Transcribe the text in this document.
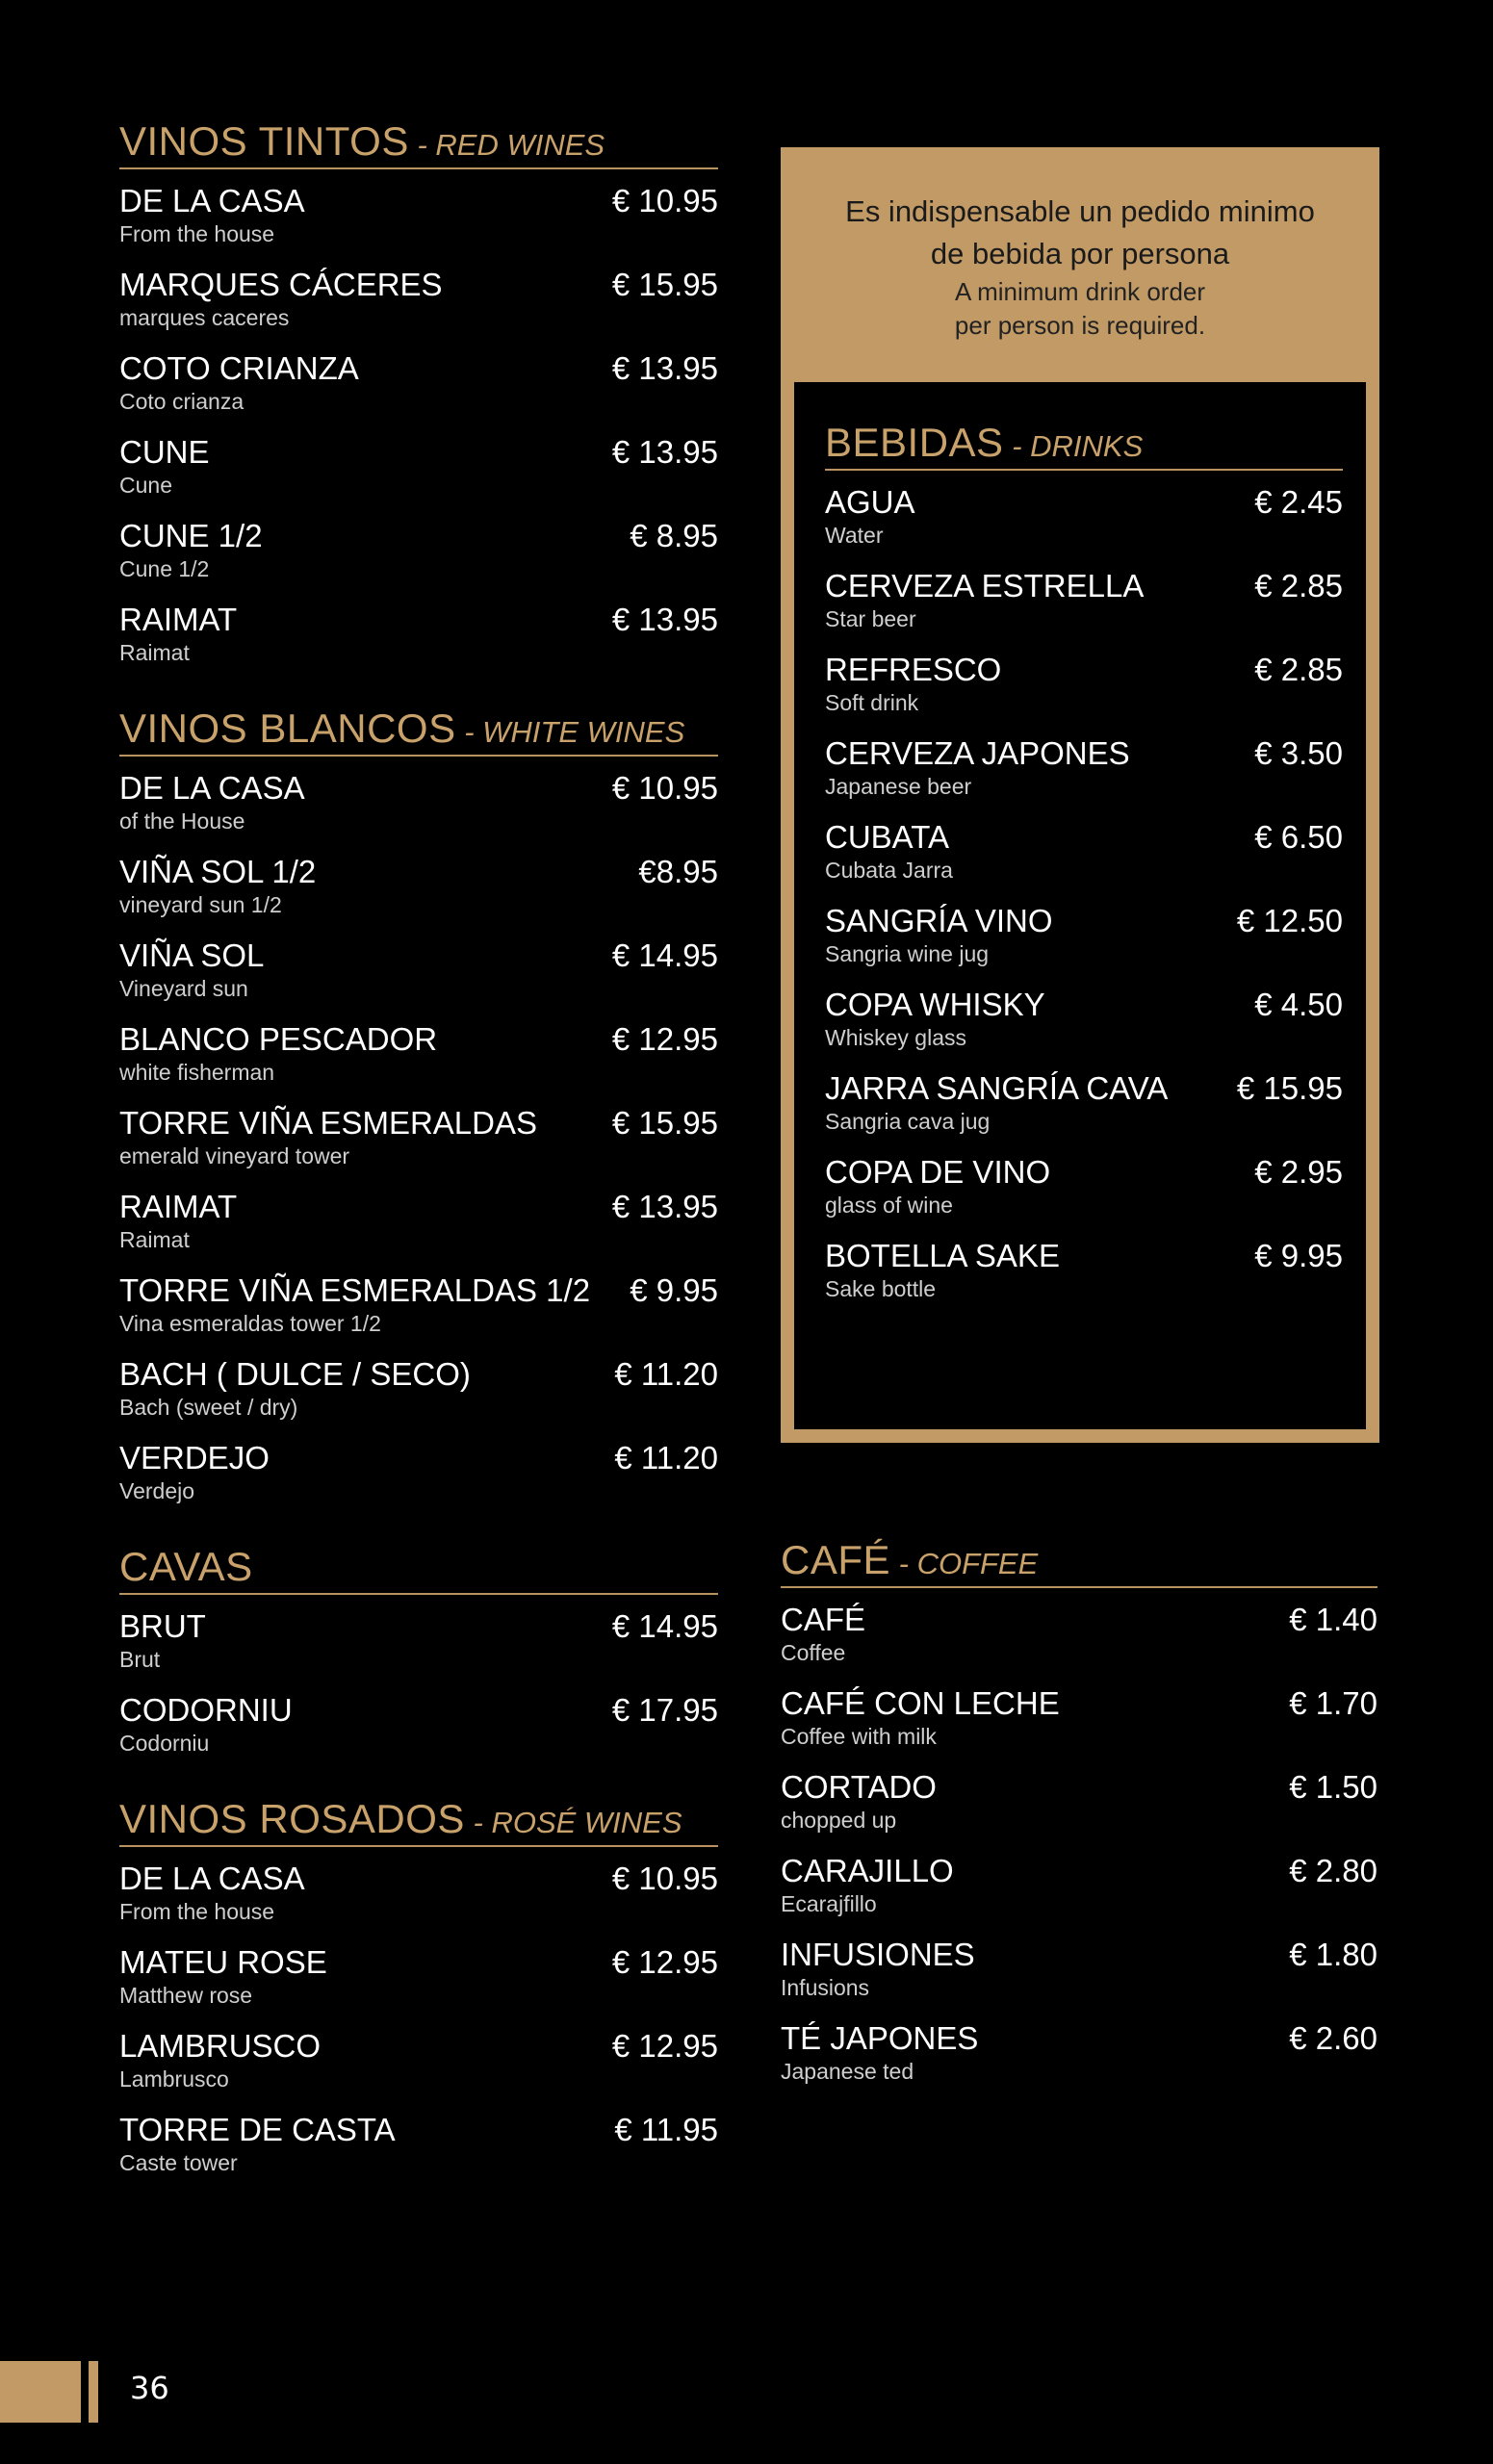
VINOS TINTOS - RED WINES
DE LA CASA	€ 10.95
From the house
MARQUES CÁCERES	€ 15.95
marques caceres
COTO CRIANZA	€ 13.95
Coto crianza
CUNE	€ 13.95
Cune
CUNE 1/2	€ 8.95
Cune 1/2
RAIMAT	€ 13.95
Raimat
VINOS BLANCOS - WHITE WINES
DE LA CASA	€ 10.95
of the House
VIÑA SOL 1/2	€8.95
vineyard sun 1/2
VIÑA SOL	€ 14.95
Vineyard sun
BLANCO PESCADOR	€ 12.95
white fisherman
TORRE VIÑA ESMERALDAS € 15.95
emerald vineyard tower
RAIMAT	€ 13.95
Raimat
TORRE VIÑA ESMERALDAS 1/2 € 9.95
Vina esmeraldas tower 1/2
BACH ( DULCE / SECO)	€ 11.20
Bach (sweet / dry)
VERDEJO	€ 11.20
Verdejo
CAVAS
BRUT	€ 14.95
Brut
CODORNIU	€ 17.95
Codorniu
VINOS ROSADOS - ROSÉ WINES
DE LA CASA	€ 10.95
From the house
MATEU ROSE	€ 12.95
Matthew rose
LAMBRUSCO	€ 12.95
Lambrusco
TORRE DE CASTA	€ 11.95
Caste tower
Es indispensable un pedido minimo
de bebida por persona
A minimum drink order
per person is required.
BEBIDAS - DRINKS
AGUA	€ 2.45
Water
CERVEZA ESTRELLA	€ 2.85
Star beer
REFRESCO	€ 2.85
Soft drink
CERVEZA JAPONES	€ 3.50
Japanese beer
CUBATA	€ 6.50
Cubata Jarra
SANGRÍA VINO	€ 12.50
Sangria wine jug
COPA WHISKY	€ 4.50
Whiskey glass
JARRA SANGRÍA CAVA € 15.95
Sangria cava jug
COPA DE VINO	€ 2.95
glass of wine
BOTELLA SAKE	€ 9.95
Sake bottle
CAFÉ - COFFEE
CAFÉ	€ 1.40
Coffee
CAFÉ CON LECHE	€ 1.70
Coffee with milk
CORTADO	€ 1.50
chopped up
CARAJILLO	€ 2.80
Ecarajfillo
INFUSIONES	€ 1.80
Infusions
TÉ JAPONES	€ 2.60
Japanese ted
36
